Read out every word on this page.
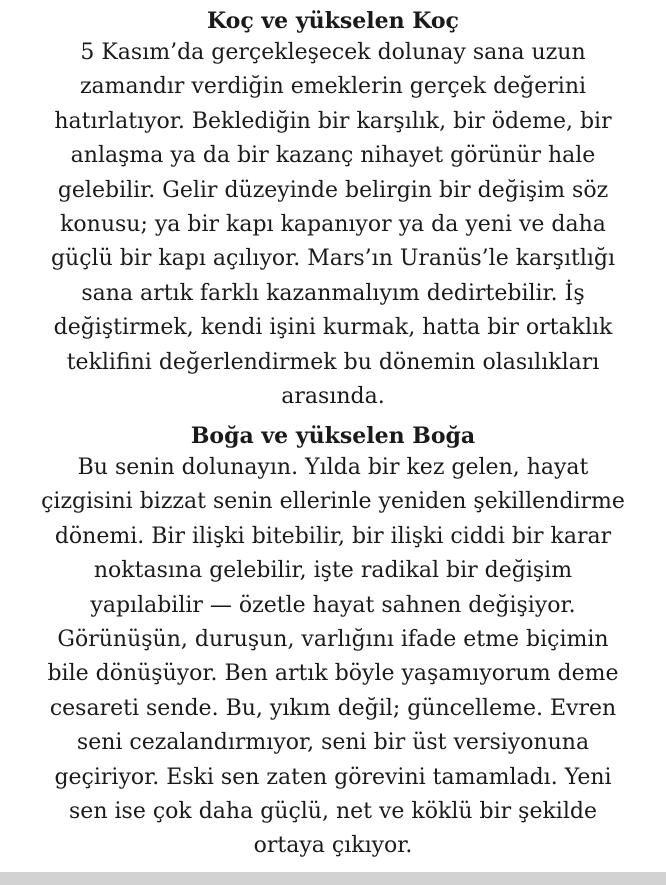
Koç ve yükselen Koç
5 Kasım’da gerçekleşecek dolunay sana uzun
zamandır verdiğin emeklerin gerçek değerini
hatırlatıyor. Beklediğin bir karşılık, bir ödeme, bir
anlaşma ya da bir kazanç nihayet görünür hale
gelebilir. Gelir düzeyinde belirgin bir değişim söz
konusu; ya bir kapı kapanıyor ya da yeni ve daha
güçlü bir kapı açılıyor. Mars’ın Uranüs’le karşıtlığı
sana artık farklı kazanmalıyım dedirtebilir. İş
değiştirmek, kendi işini kurmak, hatta bir ortaklık
teklifini değerlendirmek bu dönemin olasılıkları
arasında.
Boğa ve yükselen Boğa
Bu senin dolunayın. Yılda bir kez gelen, hayat
çizgisini bizzat senin ellerinle yeniden şekillendirme
dönemi. Bir ilişki bitebilir, bir ilişki ciddi bir karar
noktasına gelebilir, işte radikal bir değişim
yapılabilir — özetle hayat sahnen değişiyor.
Görünüşün, duruşun, varlığını ifade etme biçimin
bile dönüşüyor. Ben artık böyle yaşamıyorum deme
cesareti sende. Bu, yıkım değil; güncelleme. Evren
seni cezalandırmıyor, seni bir üst versiyonuna
geçiriyor. Eski sen zaten görevini tamamladı. Yeni
sen ise çok daha güçlü, net ve köklü bir şekilde
ortaya çıkıyor.
